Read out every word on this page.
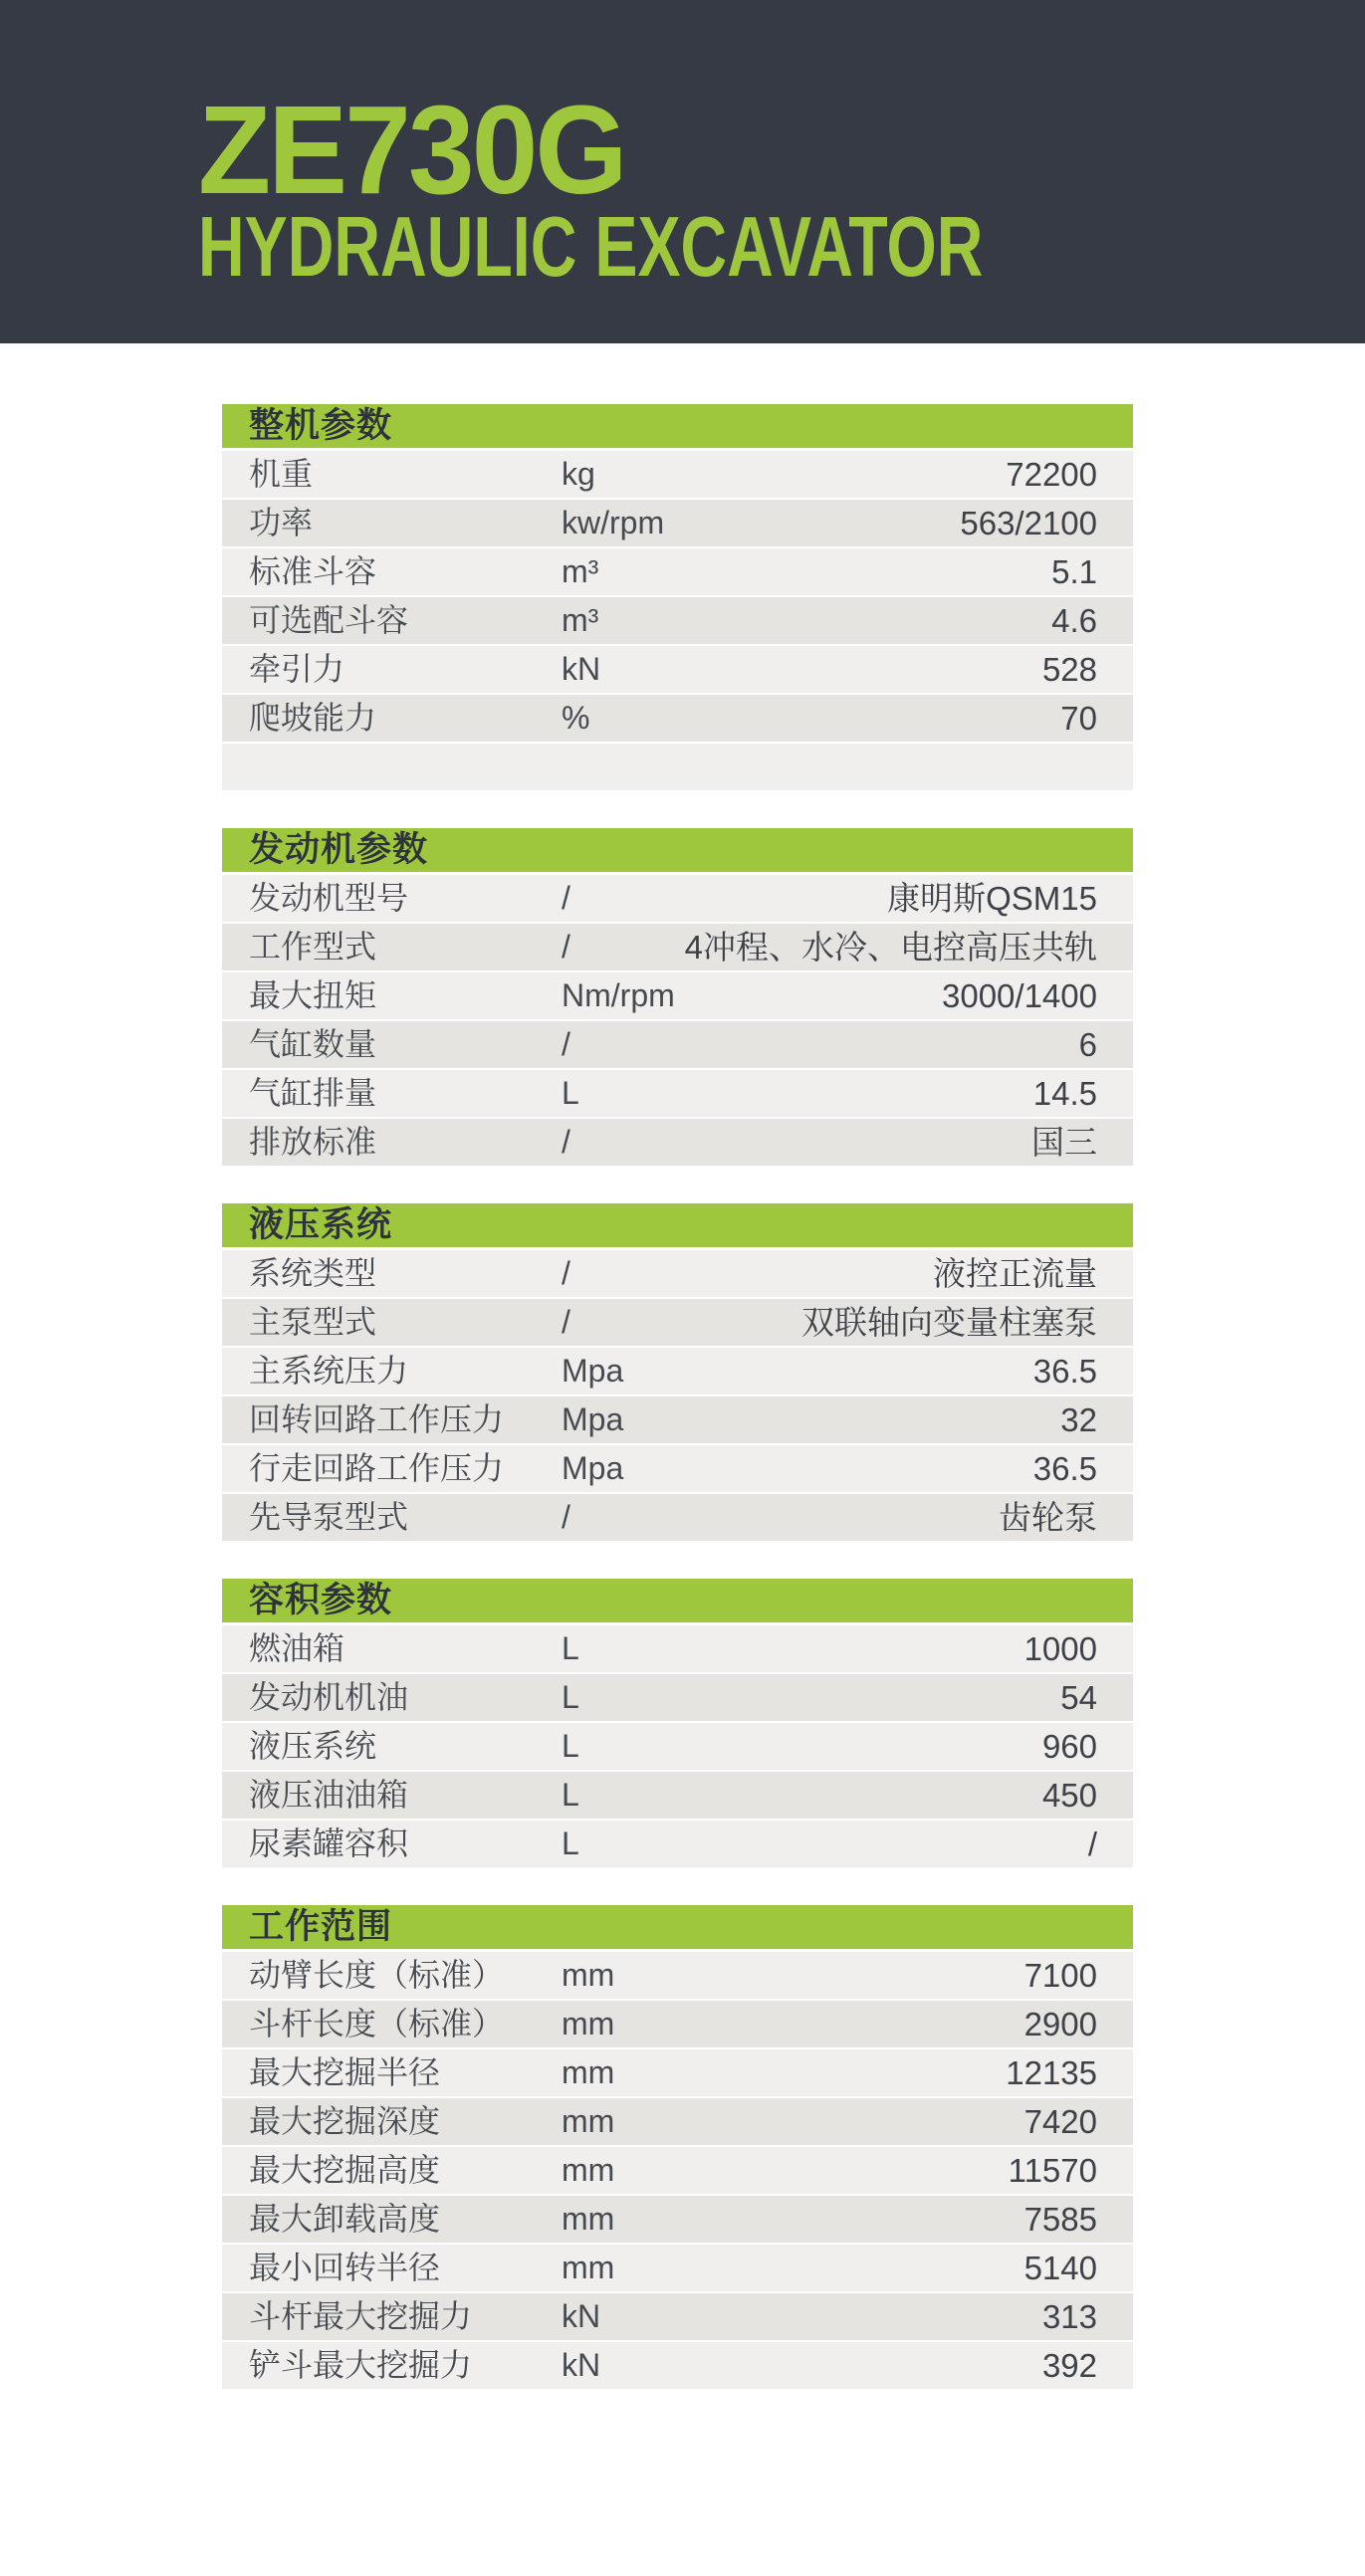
ZE730G
HYDRAULIC EXCAVATOR
整机参数
机重	kg	72200
功率	kw/rpm	563/2100
标准斗容	m³	5.1
可选配斗容	m³	4.6
牵引力	kN	528
爬坡能力	%	70
发动机参数
发动机型号	/	康明斯QSM15
工作型式	/	4冲程、水冷、电控高压共轨
最大扭矩	Nm/rpm	3000/1400
气缸数量	/	6
气缸排量	L	14.5
排放标准	/	国三
液压系统
系统类型	/	液控正流量
主泵型式	/	双联轴向变量柱塞泵
主系统压力	Mpa	36.5
回转回路工作压力	Mpa	32
行走回路工作压力	Mpa	36.5
先导泵型式	/	齿轮泵
容积参数
燃油箱	L	1000
发动机机油	L	54
液压系统	L	960
液压油油箱	L	450
尿素罐容积	L	/
工作范围
动臂长度（标准）	mm	7100
斗杆长度（标准）	mm	2900
最大挖掘半径	mm	12135
最大挖掘深度	mm	7420
最大挖掘高度	mm	11570
最大卸载高度	mm	7585
最小回转半径	mm	5140
斗杆最大挖掘力	kN	313
铲斗最大挖掘力	kN	392
